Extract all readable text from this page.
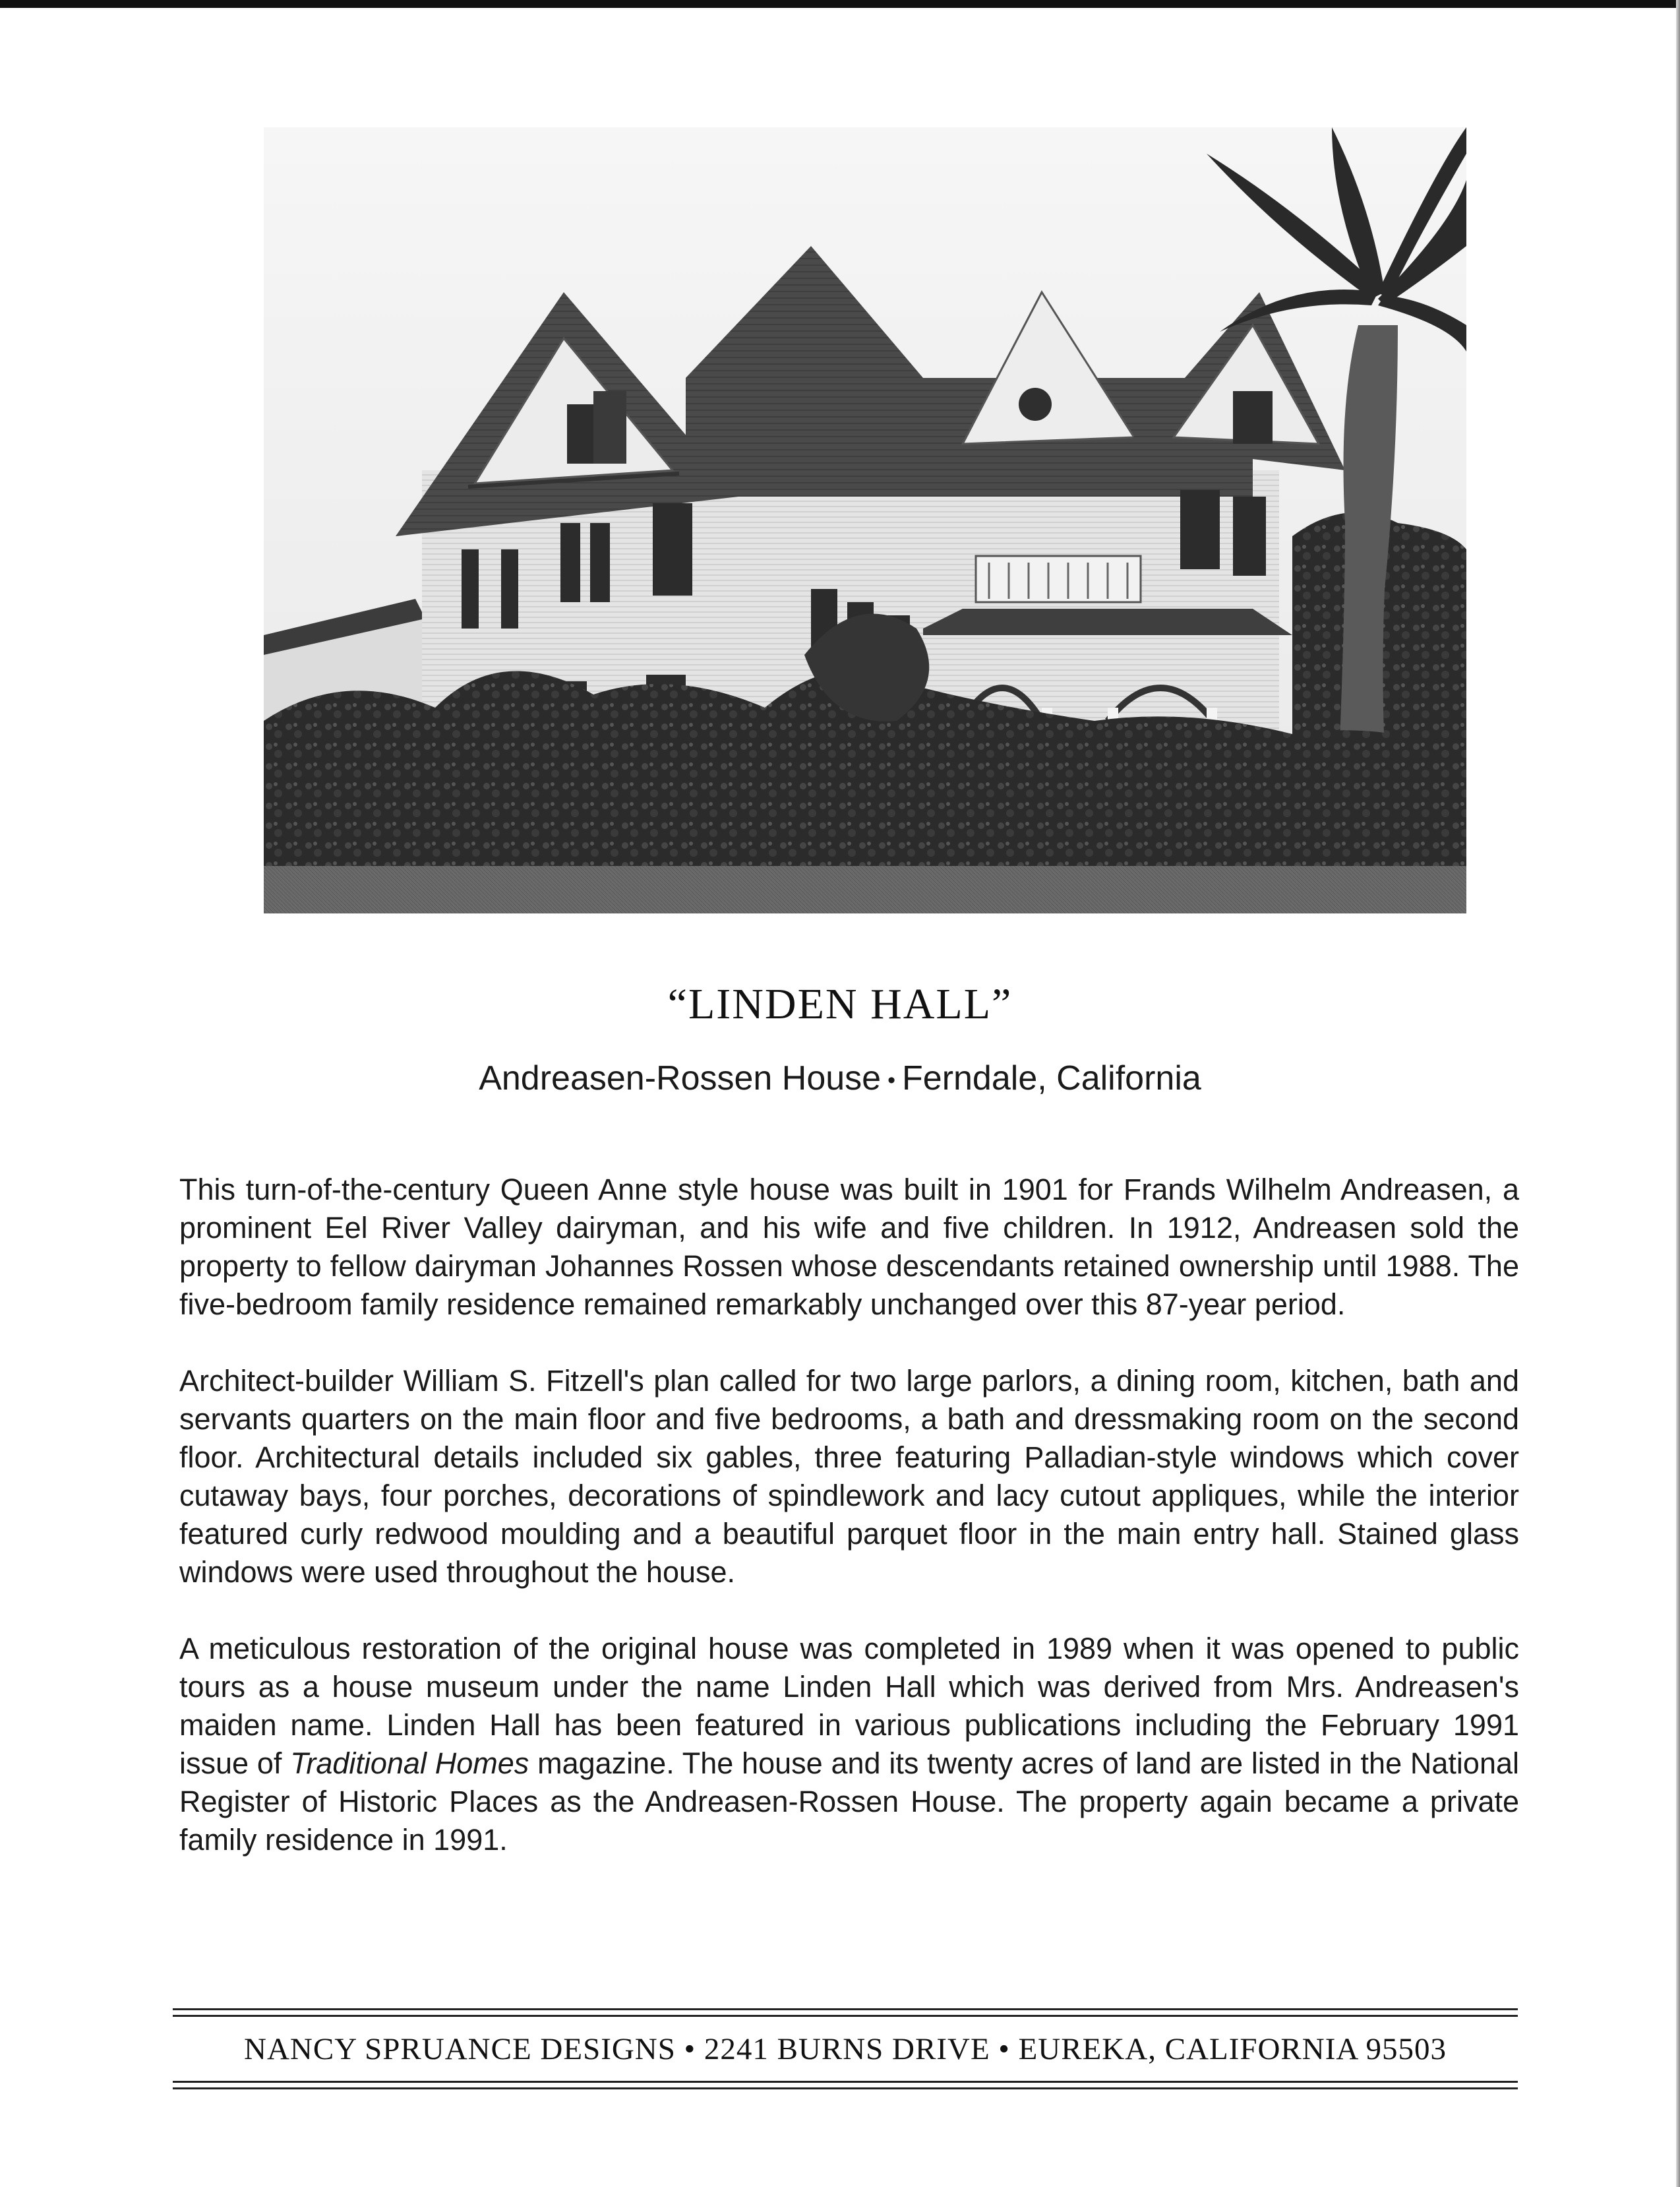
“LINDEN HALL”
Andreasen-Rossen House • Ferndale, California

This turn-of-the-century Queen Anne style house was built in 1901 for Frands Wilhelm Andreasen, a prominent Eel River Valley dairyman, and his wife and five children. In 1912, Andreasen sold the property to fellow dairyman Johannes Rossen whose descendants retained ownership until 1988. The five-bedroom family residence remained remarkably unchanged over this 87-year period.

Architect-builder William S. Fitzell's plan called for two large parlors, a dining room, kitchen, bath and servants quarters on the main floor and five bedrooms, a bath and dressmaking room on the second floor. Architectural details included six gables, three featuring Palladian-style windows which cover cutaway bays, four porches, decorations of spindlework and lacy cutout appliques, while the interior featured curly redwood moulding and a beautiful parquet floor in the main entry hall. Stained glass windows were used throughout the house.

A meticulous restoration of the original house was completed in 1989 when it was opened to public tours as a house museum under the name Linden Hall which was derived from Mrs. Andreasen's maiden name. Linden Hall has been featured in various publications including the February 1991 issue of Traditional Homes magazine. The house and its twenty acres of land are listed in the National Register of Historic Places as the Andreasen-Rossen House. The property again became a private family residence in 1991.

NANCY SPRUANCE DESIGNS • 2241 BURNS DRIVE • EUREKA, CALIFORNIA 95503
